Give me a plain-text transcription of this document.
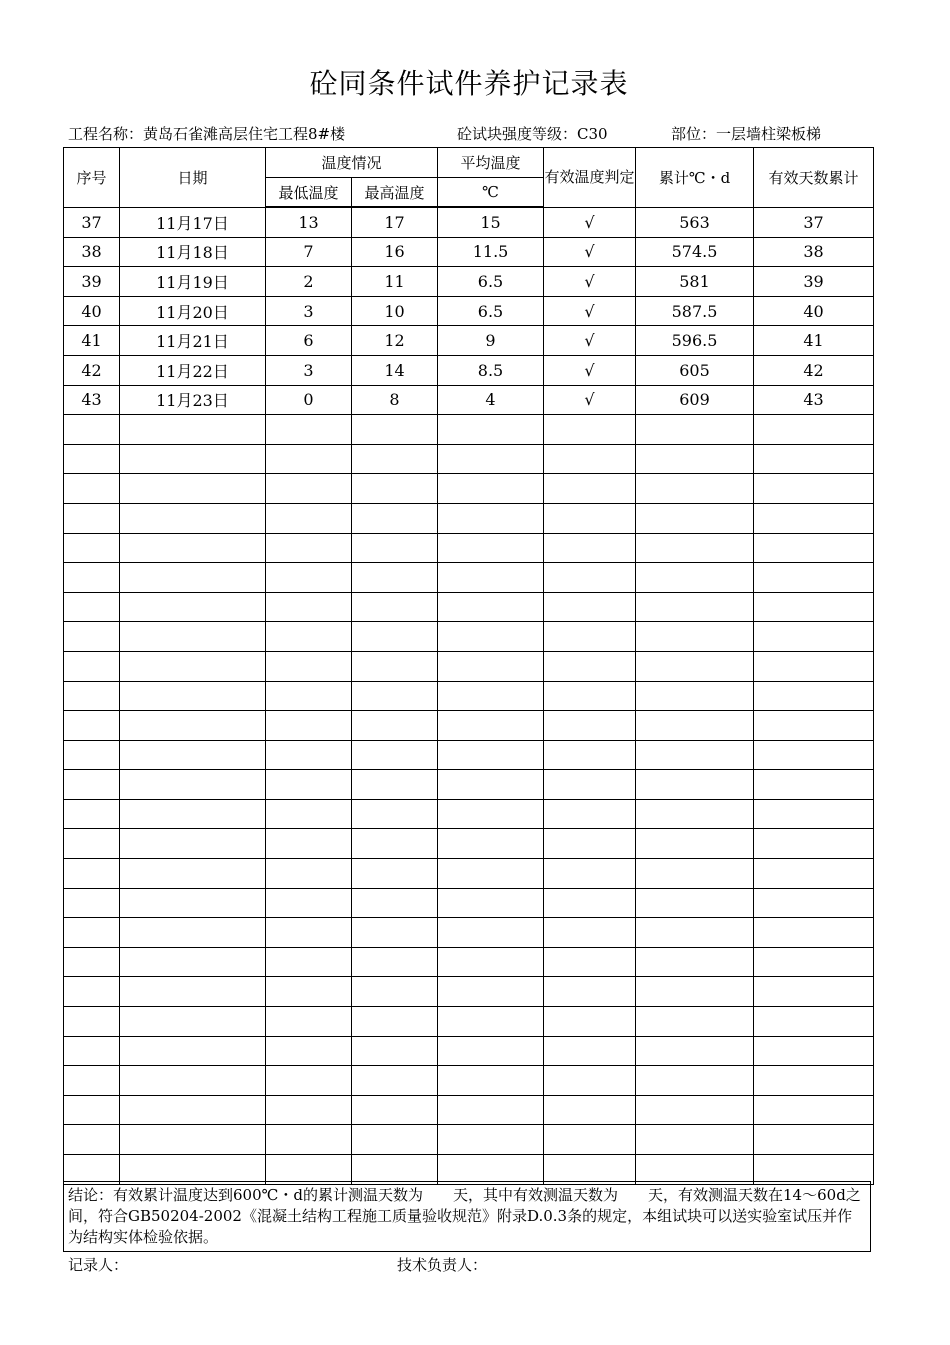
砼同条件试件养护记录表
工程名称：黄岛石雀滩高层住宅工程8#楼	砼试块强度等级：C30	部位：一层墙柱梁板梯
序号	日期	温度情况		平均温度	有效温度判定	累计℃・d	有效天数累计
		最低温度	最高温度	℃			
37	11月17日	13	17	15	√	563	37
38	11月18日	7	16	11.5	√	574.5	38
39	11月19日	2	11	6.5	√	581	39
40	11月20日	3	10	6.5	√	587.5	40
41	11月21日	6	12	9	√	596.5	41
42	11月22日	3	14	8.5	√	605	42
43	11月23日	0	8	4	√	609	43

结论：有效累计温度达到600℃・d的累计测温天数为　　天，其中有效测温天数为　　天，有效测温天数在14～60d之间，符合GB50204-2002《混凝土结构工程施工质量验收规范》附录D.0.3条的规定，本组试块可以送实验室试压并作为结构实体检验依据。
记录人：	技术负责人：
